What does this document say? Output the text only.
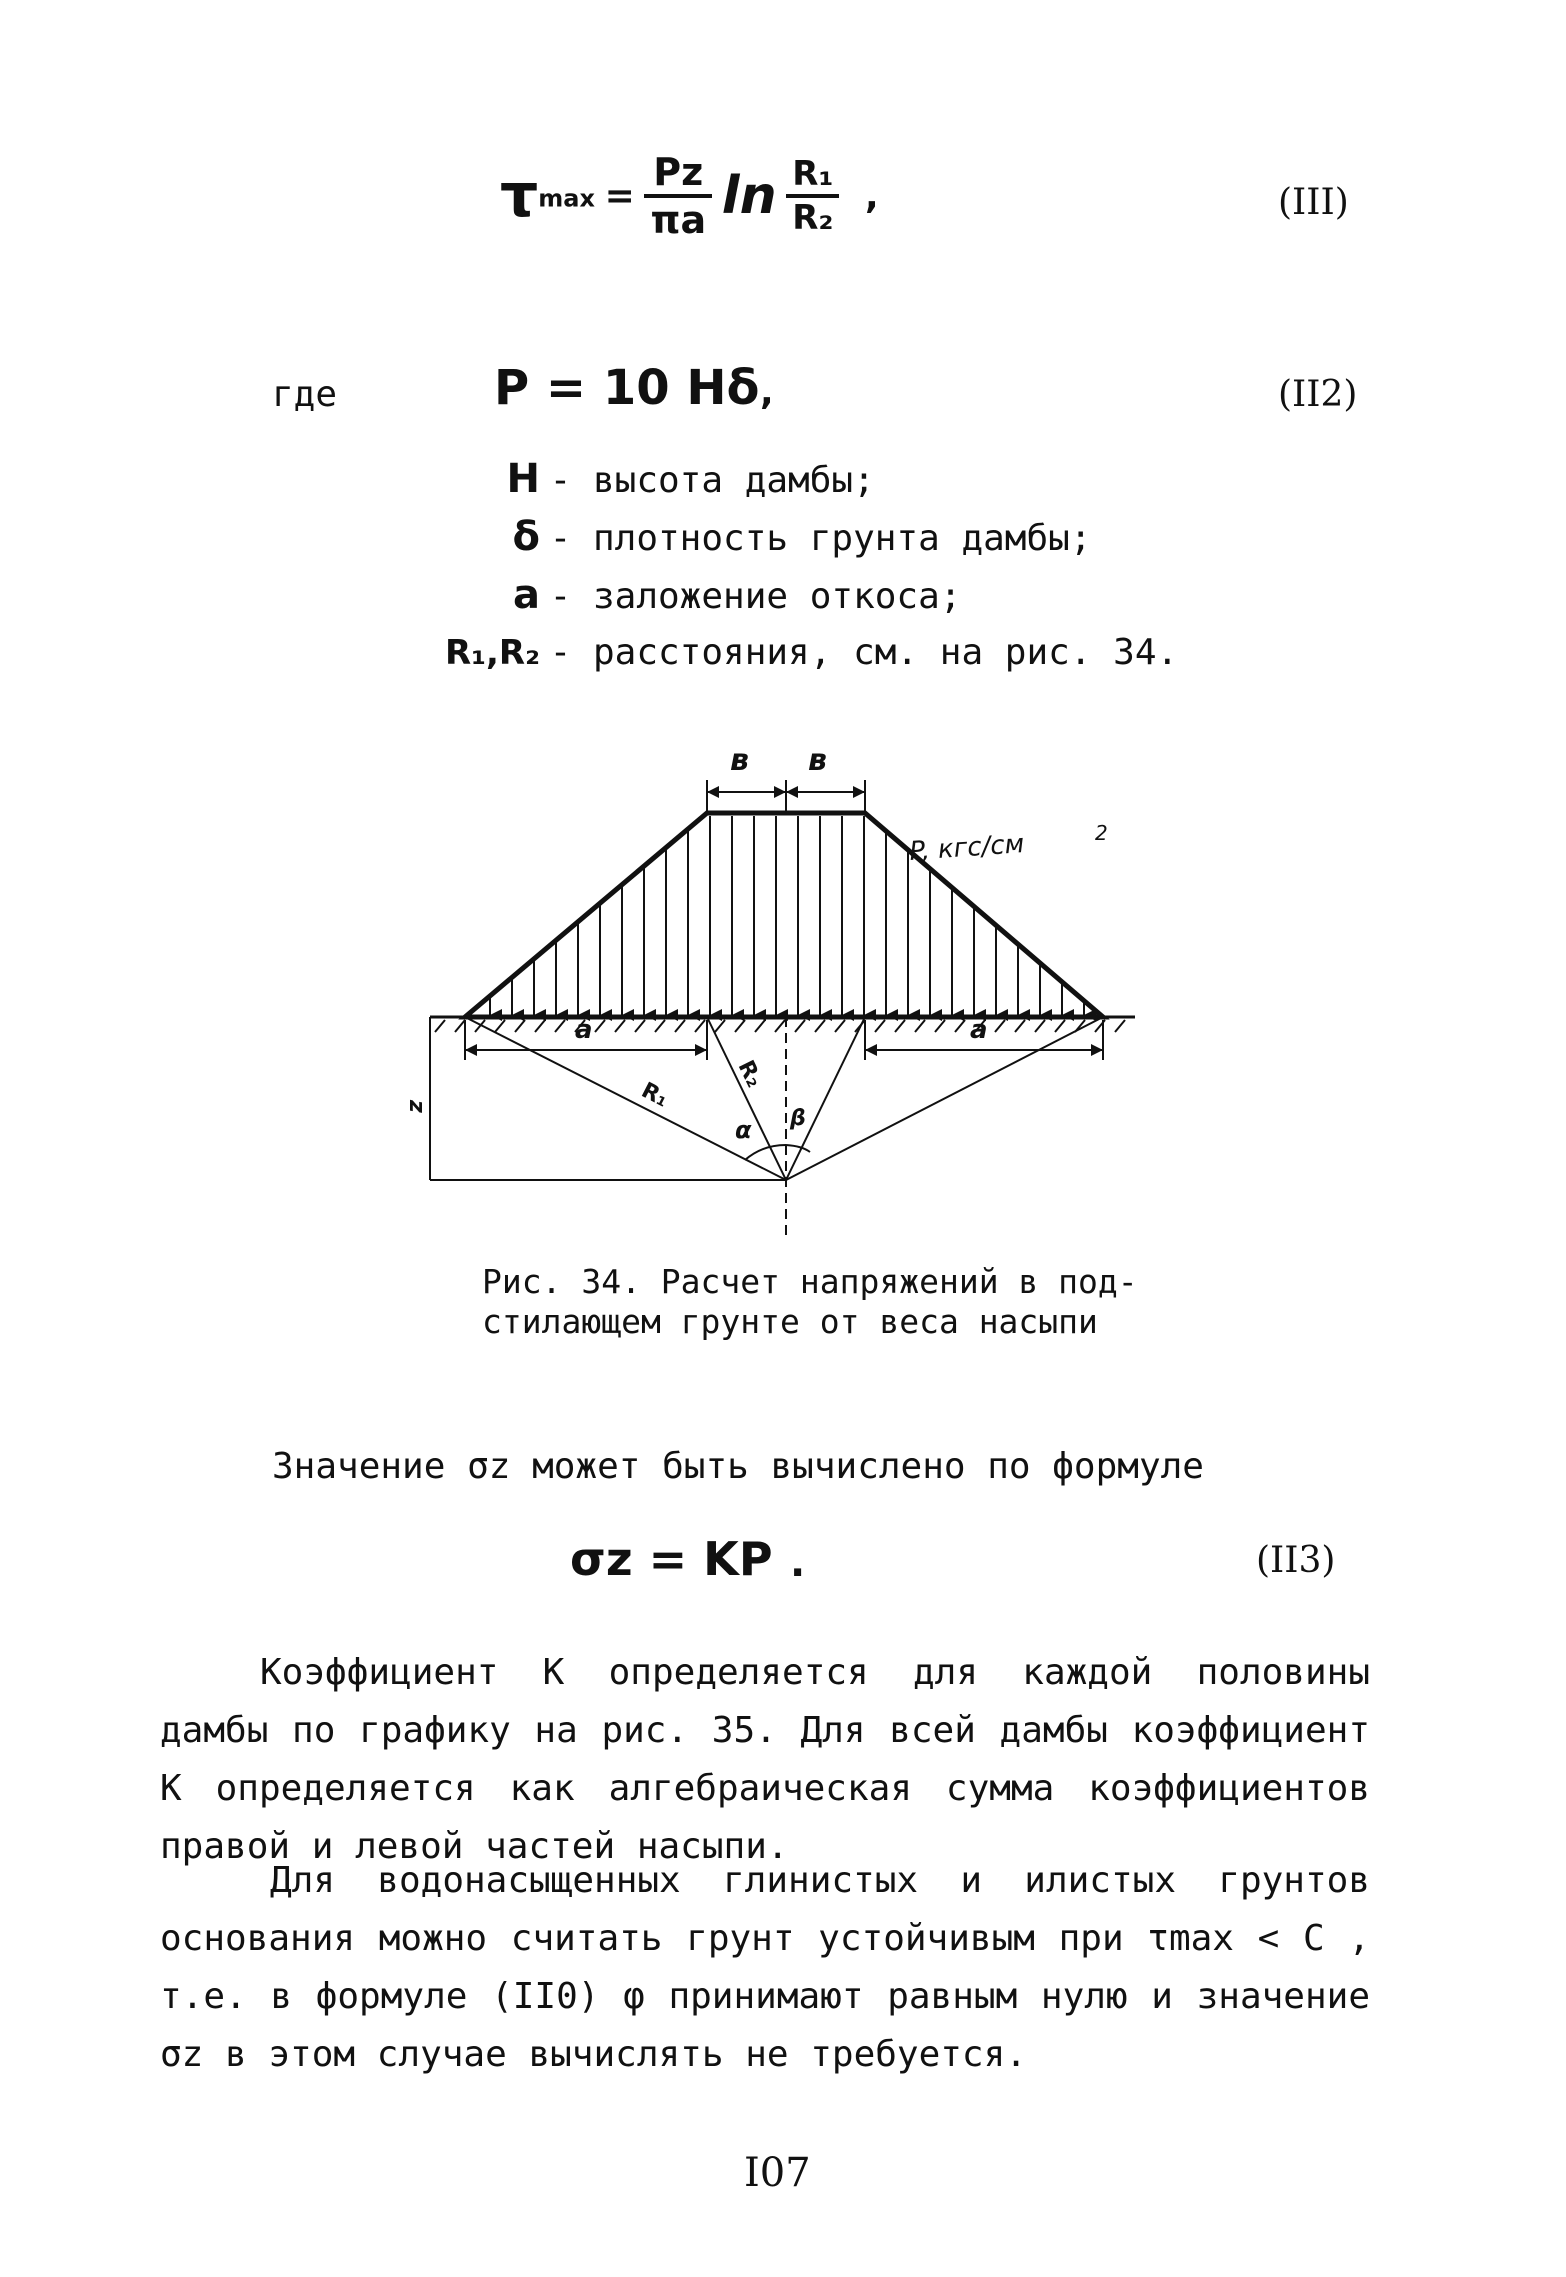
$\tau\max = \frac{Pz}{\pi a}$ $\ln \frac{\text{R₁}}{\text{R₂}}$ ,	(III)
где	P = 10 Hδ ,	(II2)
H - высота дамбы;
δ - плотность грунта дамбы;
a - заложение откоса;
R₁,R₂ - расстояния, см. на рис. 34.
в в
P, кгс/см	2
a	a
R₁
R₂
α β
z
Рис. 34. Расчет напряжений в под-
стилающем грунте от веса насыпи
Значение σz может быть вычислено по формуле
σz = KP .	(II3)
Коэффициент K определяется для каждой половины дамбы по графику на рис. 35. Для всей дамбы коэффициент K определяется как алгебраическая сумма коэффициентов правой и левой частей насыпи.
Для водонасыщенных глинистых и илистых грунтов основания можно считать грунт устойчивым при τmax < C , т.е. в формуле (II0) φ принимают равным нулю и значение σz в этом случае вычислять не требуется.
I07
